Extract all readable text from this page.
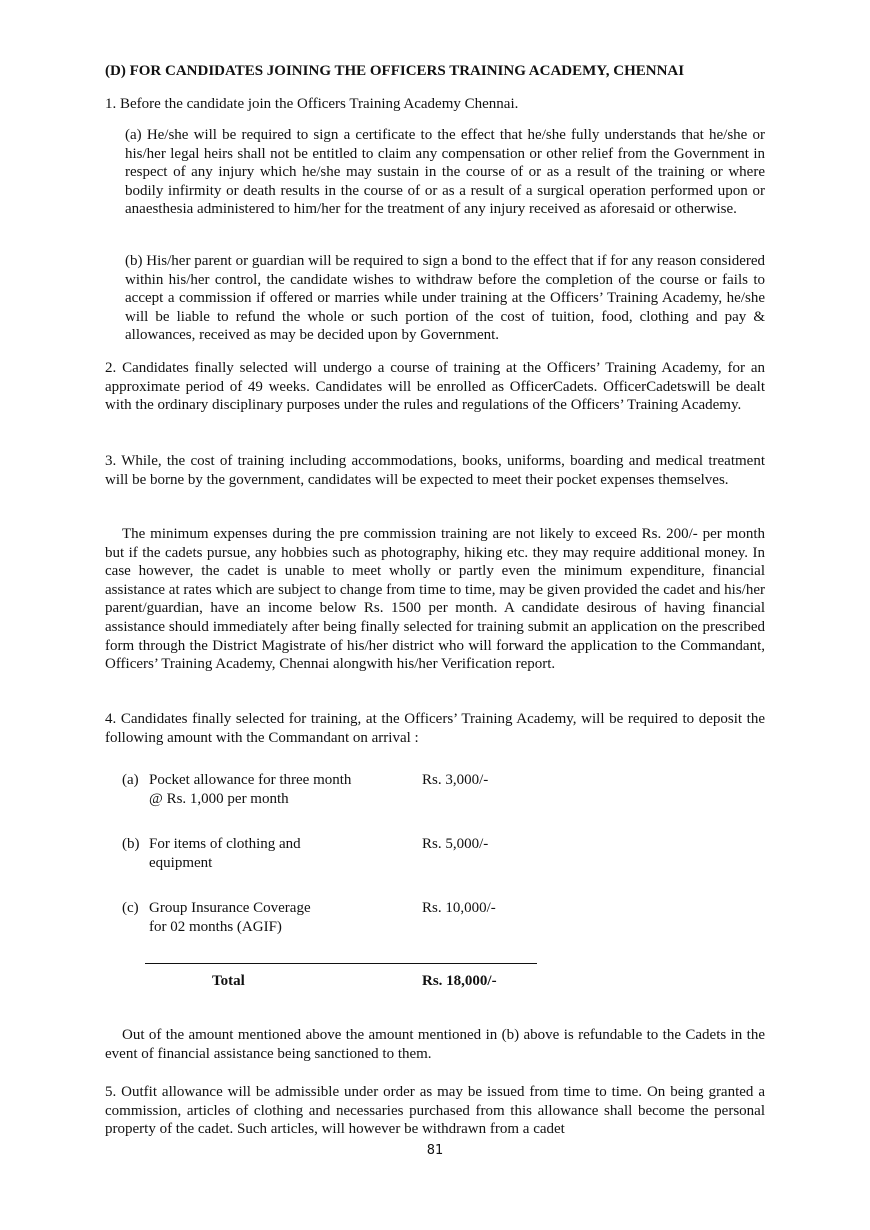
(D) FOR CANDIDATES JOINING THE OFFICERS TRAINING ACADEMY, CHENNAI

1. Before the candidate join the Officers Training Academy Chennai.

(a) He/she will be required to sign a certificate to the effect that he/she fully understands that he/she or his/her legal heirs shall not be entitled to claim any compensation or other relief from the Government in respect of any injury which he/she may sustain in the course of or as a result of the training or where bodily infirmity or death results in the course of or as a result of a surgical operation performed upon or anaesthesia administered to him/her for the treatment of any injury received as aforesaid or otherwise.

(b) His/her parent or guardian will be required to sign a bond to the effect that if for any reason considered within his/her control, the candidate wishes to withdraw before the completion of the course or fails to accept a commission if offered or marries while under training at the Officers’ Training Academy, he/she will be liable to refund the whole or such portion of the cost of tuition, food, clothing and pay & allowances, received as may be decided upon by Government.

2. Candidates finally selected will undergo a course of training at the Officers’ Training Academy, for an approximate period of 49 weeks. Candidates will be enrolled as OfficerCadets. OfficerCadetswill be dealt with the ordinary disciplinary purposes under the rules and regulations of the Officers’ Training Academy.

3. While, the cost of training including accommodations, books, uniforms, boarding and medical treatment will be borne by the government, candidates will be expected to meet their pocket expenses themselves.

The minimum expenses during the pre commission training are not likely to exceed Rs. 200/- per month but if the cadets pursue, any hobbies such as photography, hiking etc. they may require additional money. In case however, the cadet is unable to meet wholly or partly even the minimum expenditure, financial assistance at rates which are subject to change from time to time, may be given provided the cadet and his/her parent/guardian, have an income below Rs. 1500 per month. A candidate desirous of having financial assistance should immediately after being finally selected for training submit an application on the prescribed form through the District Magistrate of his/her district who will forward the application to the Commandant, Officers’ Training Academy, Chennai alongwith his/her Verification report.

4. Candidates finally selected for training, at the Officers’ Training Academy, will be required to deposit the following amount with the Commandant on arrival :

(a) Pocket allowance for three month
@ Rs. 1,000 per month
Rs. 3,000/-
(b) For items of clothing and
equipment
Rs. 5,000/-
(c) Group Insurance Coverage
for 02 months (AGIF)
Rs. 10,000/-
Total	Rs. 18,000/-

Out of the amount mentioned above the amount mentioned in (b) above is refundable to the Cadets in the event of financial assistance being sanctioned to them.

5. Outfit allowance will be admissible under order as may be issued from time to time. On being granted a commission, articles of clothing and necessaries purchased from this allowance shall become the personal property of the cadet. Such articles, will however be withdrawn from a cadet

81
